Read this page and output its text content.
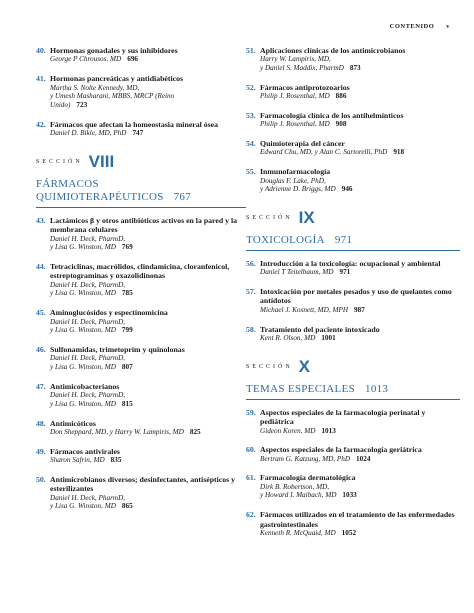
CONTENIDO v
40. Hormonas gonadales y sus inhibidores
George P Chrousos, MD 696
41. Hormonas pancreáticas y antidiabéticos
Martha S. Nolte Kennedy, MD,
y Umesh Masharani, MBBS, MRCP (Reino
Unido) 723
42. Fármacos que afectan la homeostasia mineral ósea
Daniel D. Bikle, MD, PhD 747
SECCIÓN VIII
FÁRMACOS QUIMIOTERAPÉUTICOS 767
43. Lactámicos β y otros antibióticos activos en la pared y la membrana celulares
Daniel H. Deck, PharmD,
y Lisa G. Winston, MD 769
44. Tetraciclinas, macrólidos, clindamicina, cloranfenicol, estreptograminas y oxazolidinonas
Daniel H. Deck, PharmD,
y Lisa G. Winston, MD 785
45. Aminoglucósidos y espectinomicina
Daniel H. Deck, PharmD,
y Lisa G. Winston, MD 799
46. Sulfonamidas, trimetoprim y quinolonas
Daniel H. Deck, PharmD,
y Lisa G. Winston, MD 807
47. Antimicobacterianos
Daniel H. Deck, PharmD,
y Lisa G. Winston, MD 815
48. Antimicóticos
Don Sheppard, MD, y Harry W. Lampiris, MD 825
49. Fármacos antivirales
Sharon Safrin, MD 835
50. Antimicrobianos diversos; desinfectantes, antisépticos y esterilizantes
Daniel H. Deck, PharmD,
y Lisa G. Winston, MD 865
51. Aplicaciones clínicas de los antimicrobianos
Harry W. Lampiris, MD,
y Daniel S. Maddix, PharmD 873
52. Fármacos antiprotozoarios
Philip J. Rosenthal, MD 886
53. Farmacología clínica de los antihelmínticos
Philip J. Rosenthal, MD 908
54. Quimioterapia del cáncer
Edward Chu, MD, y Alan C. Sartorelli, PhD 918
55. Inmunofarmacología
Douglas F. Lake, PhD,
y Adrienne D. Briggs, MD 946
SECCIÓN IX
TOXICOLOGÍA 971
56. Introducción a la toxicología: ocupacional y ambiental
Daniel T Teitelbaum, MD 971
57. Intoxicación por metales pesados y uso de quelantes como antídotos
Michael J. Kosnett, MD, MPH 987
58. Tratamiento del paciente intoxicado
Kent R. Olson, MD 1001
SECCIÓN X
TEMAS ESPECIALES 1013
59. Aspectos especiales de la farmacología perinatal y pediátrica
Gideon Koren, MD 1013
60. Aspectos especiales de la farmacología geriátrica
Bertram G. Katzung, MD, PhD 1024
61. Farmacología dermatológica
Dirk B. Robertson, MD,
y Howard I. Maibach, MD 1033
62. Fármacos utilizados en el tratamiento de las enfermedades gastrointestinales
Kenneth R. McQuaid, MD 1052
